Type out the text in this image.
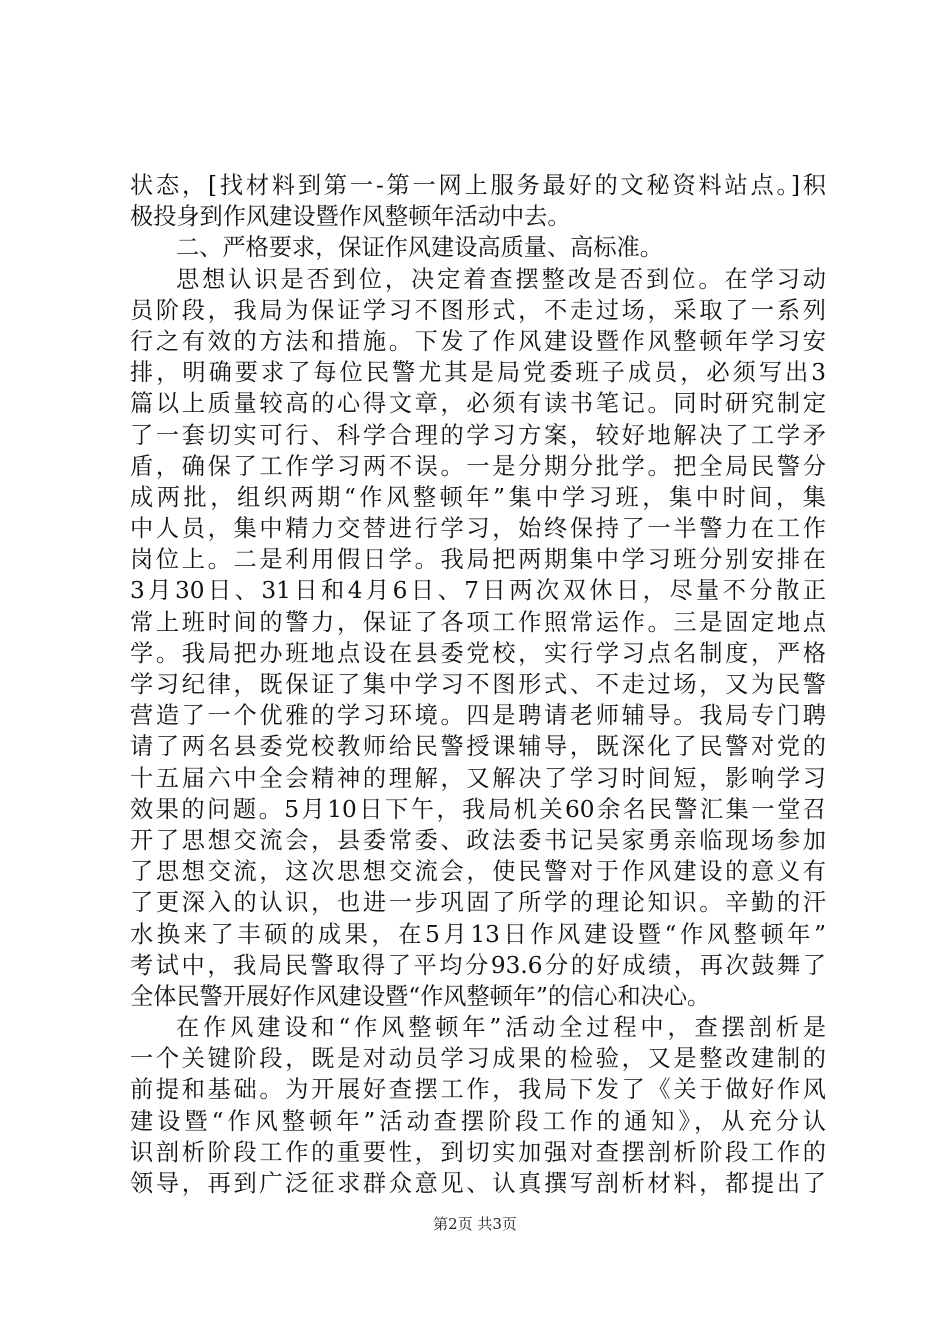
状态，[找材料到第一-第一网上服务最好的文秘资料站点。]积
极投身到作风建设暨作风整顿年活动中去。
二、严格要求，保证作风建设高质量、高标准。
思想认识是否到位，决定着查摆整改是否到位。在学习动
员阶段，我局为保证学习不图形式，不走过场，采取了一系列
行之有效的方法和措施。下发了作风建设暨作风整顿年学习安
排，明确要求了每位民警尤其是局党委班子成员，必须写出3
篇以上质量较高的心得文章，必须有读书笔记。同时研究制定
了一套切实可行、科学合理的学习方案，较好地解决了工学矛
盾，确保了工作学习两不误。一是分期分批学。把全局民警分
成两批，组织两期“作风整顿年”集中学习班，集中时间，集
中人员，集中精力交替进行学习，始终保持了一半警力在工作
岗位上。二是利用假日学。我局把两期集中学习班分别安排在
3月30日、31日和4月6日、7日两次双休日，尽量不分散正
常上班时间的警力，保证了各项工作照常运作。三是固定地点
学。我局把办班地点设在县委党校，实行学习点名制度，严格
学习纪律，既保证了集中学习不图形式、不走过场，又为民警
营造了一个优雅的学习环境。四是聘请老师辅导。我局专门聘
请了两名县委党校教师给民警授课辅导，既深化了民警对党的
十五届六中全会精神的理解，又解决了学习时间短，影响学习
效果的问题。5月10日下午，我局机关60余名民警汇集一堂召
开了思想交流会，县委常委、政法委书记吴家勇亲临现场参加
了思想交流，这次思想交流会，使民警对于作风建设的意义有
了更深入的认识，也进一步巩固了所学的理论知识。辛勤的汗
水换来了丰硕的成果，在5月13日作风建设暨“作风整顿年”
考试中，我局民警取得了平均分93.6分的好成绩，再次鼓舞了
全体民警开展好作风建设暨“作风整顿年”的信心和决心。
在作风建设和“作风整顿年”活动全过程中，查摆剖析是
一个关键阶段，既是对动员学习成果的检验，又是整改建制的
前提和基础。为开展好查摆工作，我局下发了《关于做好作风
建设暨“作风整顿年”活动查摆阶段工作的通知》，从充分认
识剖析阶段工作的重要性，到切实加强对查摆剖析阶段工作的
领导，再到广泛征求群众意见、认真撰写剖析材料，都提出了
第2页 共3页
